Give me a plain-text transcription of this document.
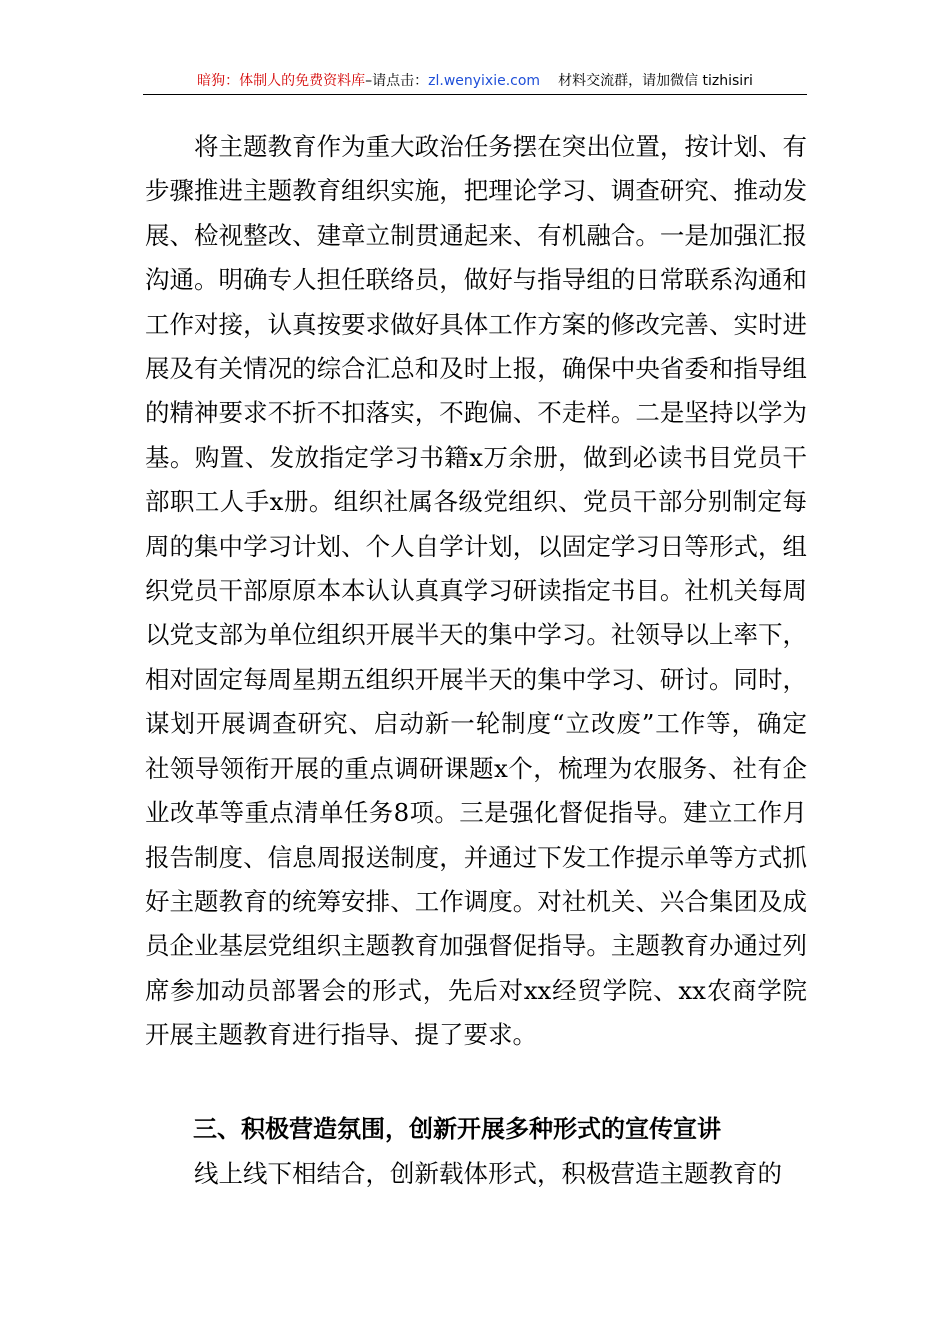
暗狗：体制人的免费资料库–请点击：zl.wenyixie.com 材料交流群，请加微信 tizhisiri

将主题教育作为重大政治任务摆在突出位置，按计划、有步骤推进主题教育组织实施，把理论学习、调查研究、推动发展、检视整改、建章立制贯通起来、有机融合。一是加强汇报沟通。明确专人担任联络员，做好与指导组的日常联系沟通和工作对接，认真按要求做好具体工作方案的修改完善、实时进展及有关情况的综合汇总和及时上报，确保中央省委和指导组的精神要求不折不扣落实，不跑偏、不走样。二是坚持以学为基。购置、发放指定学习书籍x万余册，做到必读书目党员干部职工人手x册。组织社属各级党组织、党员干部分别制定每周的集中学习计划、个人自学计划，以固定学习日等形式，组织党员干部原原本本认认真真学习研读指定书目。社机关每周以党支部为单位组织开展半天的集中学习。社领导以上率下，相对固定每周星期五组织开展半天的集中学习、研讨。同时，谋划开展调查研究、启动新一轮制度“立改废”工作等，确定社领导领衔开展的重点调研课题x个，梳理为农服务、社有企业改革等重点清单任务8项。三是强化督促指导。建立工作月报告制度、信息周报送制度，并通过下发工作提示单等方式抓好主题教育的统筹安排、工作调度。对社机关、兴合集团及成员企业基层党组织主题教育加强督促指导。主题教育办通过列席参加动员部署会的形式，先后对xx经贸学院、xx农商学院开展主题教育进行指导、提了要求。

三、积极营造氛围，创新开展多种形式的宣传宣讲

线上线下相结合，创新载体形式，积极营造主题教育的
